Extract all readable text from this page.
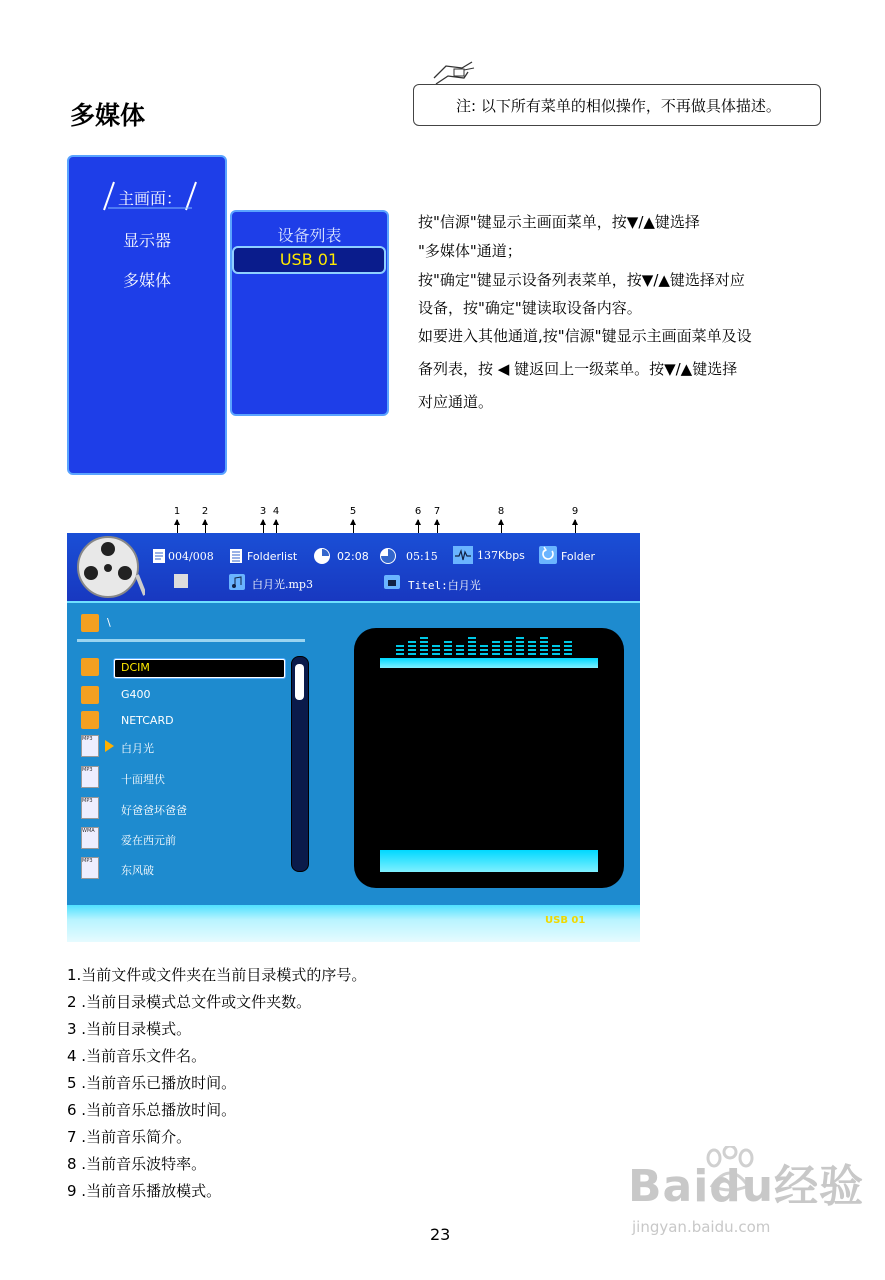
多媒体	注: 以下所有菜单的相似操作，不再做具体描述。
主画面：
显示器
多媒体
设备列表
USB 01
按"信源"键显示主画面菜单，按▼/▲键选择
"多媒体"通道；
按"确定"键显示设备列表菜单，按▼/▲键选择对应
设备，按"确定"键读取设备内容。
如要进入其他通道,按"信源"键显示主画面菜单及设
备列表，按 ◀ 键返回上一级菜单。按▼/▲键选择
对应通道。
1	2	3 4	5	6	7	8	9
004/008	Folderlist
白月光.mp3
02:08	05:15
Titel:白月光
137Kbps	Folder
\
DCIM
G400
NETCARD
MP3
白月光
MP3
十面埋伏
MP3
好爸爸坏爸爸
WMA
爱在西元前
MP3
东风破
USB 01
1.当前文件或文件夹在当前目录模式的序号。
2 .当前目录模式总文件或文件夹数。
3 .当前目录模式。
4 .当前音乐文件名。
5 .当前音乐已播放时间。
6 .当前音乐总播放时间。
7 .当前音乐简介。
8 .当前音乐波特率。
9 .当前音乐播放模式。
23
Baidu经验
jingyan.baidu.com
